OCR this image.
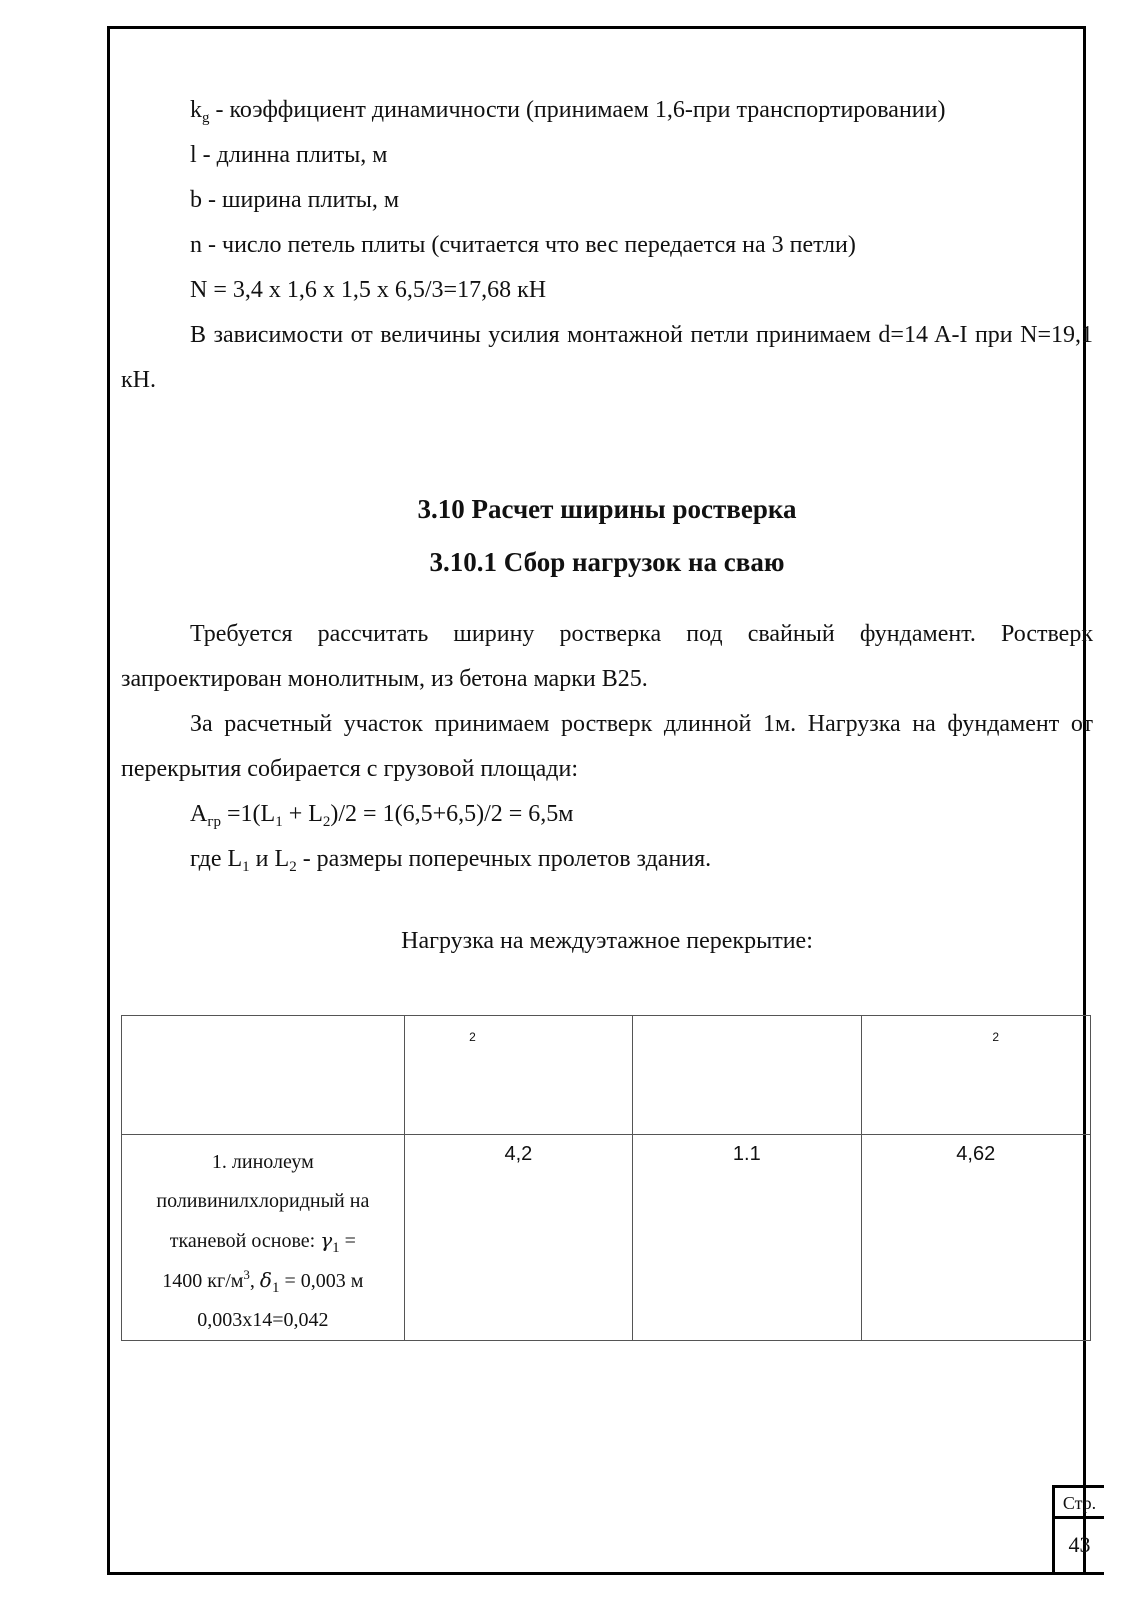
$k_g$ - коэффициент динамичности (принимаем 1,6-при транспортировании)

l - длинна плиты, м

b - ширина плиты, м

n - число петель плиты (считается что вес передается на 3 петли)

N = 3,4 х 1,6 х 1,5 х 6,5/3=17,68 кН

В зависимости от величины усилия монтажной петли принимаем d=14 A-I при N=19,1 кН.

3.10 Расчет ширины ростверка

3.10.1 Сбор нагрузок на сваю

Требуется рассчитать ширину ростверка под свайный фундамент. Ростверк запроектирован монолитным, из бетона марки В25.

За расчетный участок принимаем ростверк длинной 1м. Нагрузка на фундамент от перекрытия собирается с грузовой площади:

$А_{гр} =1(L_1 + L_2)/2 = 1(6,5+6,5)/2 = 6,5м$

где $L_1$ и $L_2$ - размеры поперечных пролетов здания.

Нагрузка на междуэтажное перекрытие:

	2		2
1. линолеум
поливинилхлоридный на
тканевой основе: $\gamma_1$ =
1400 $кг/м^3$, $\delta_1 = 0,003$ м
0,003х14=0,042	4,2	1.1	4,62
Стр.
43
